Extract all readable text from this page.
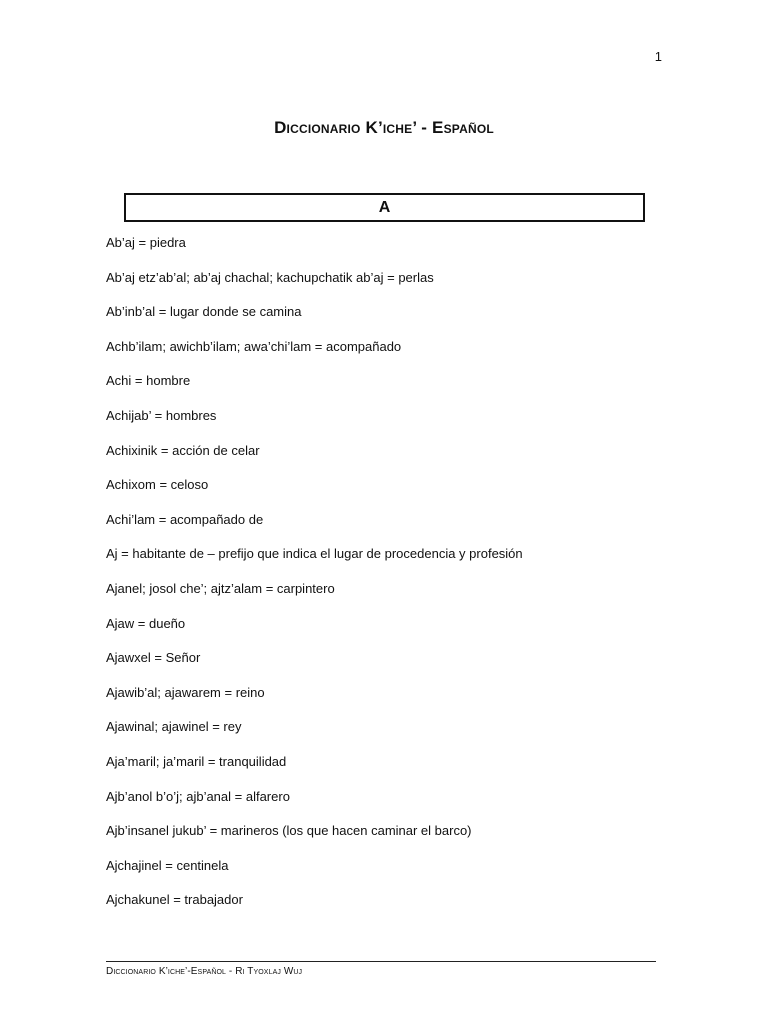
1
Diccionario K’iche’ - Español
A
Ab’aj = piedra
Ab’aj etz’ab’al; ab’aj chachal; kachupchatik ab’aj = perlas
Ab’inb’al = lugar donde se camina
Achb’ilam; awichb’ilam; awa’chi’lam = acompañado
Achi = hombre
Achijab’ = hombres
Achixinik = acción de celar
Achixom = celoso
Achi’lam = acompañado de
Aj = habitante de – prefijo que indica el lugar de procedencia y profesión
Ajanel; josol che’; ajtz’alam = carpintero
Ajaw = dueño
Ajawxel = Señor
Ajawib’al; ajawarem = reino
Ajawinal; ajawinel = rey
Aja’maril; ja’maril = tranquilidad
Ajb’anol b’o’j; ajb’anal = alfarero
Ajb’insanel jukub’ = marineros (los que hacen caminar el barco)
Ajchajinel = centinela
Ajchakunel = trabajador
Diccionario K’iche’-Español - Ri Tyoxlaj Wuj
